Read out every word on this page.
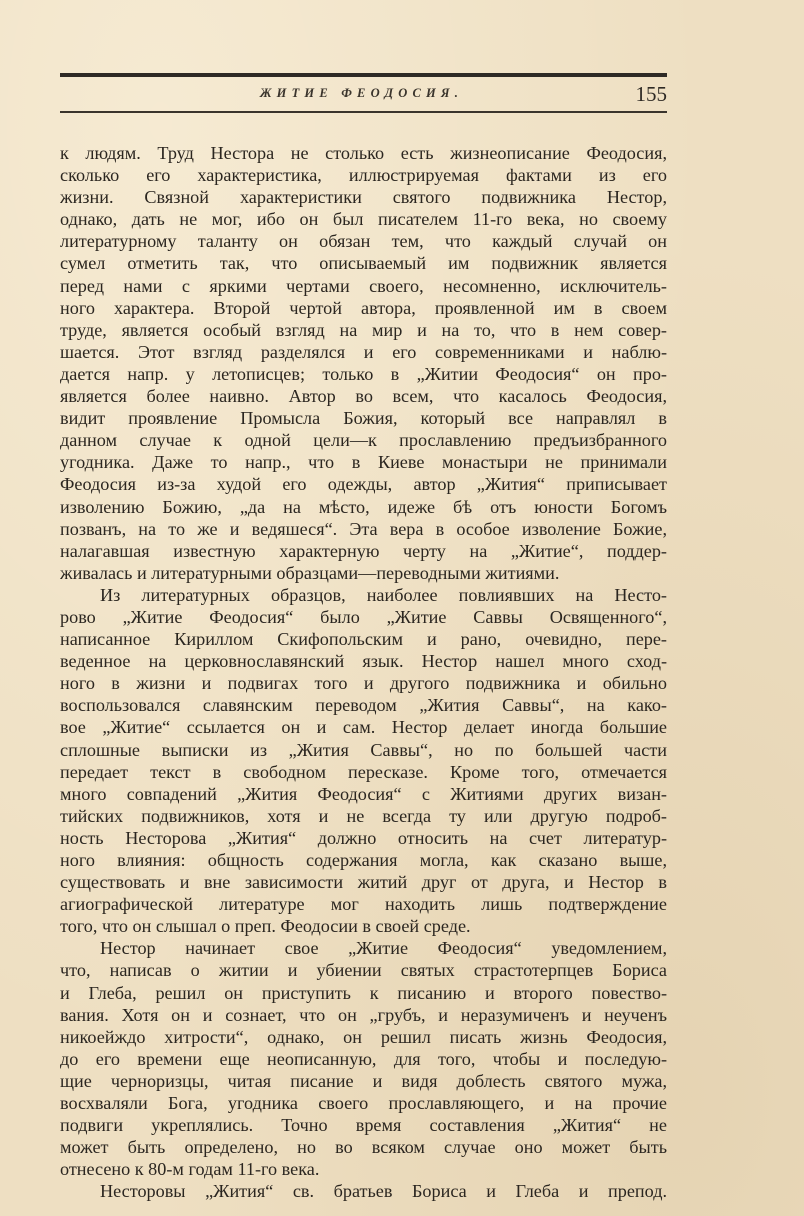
ЖИТИЕ ФЕОДОСИЯ.	155
к людям. Труд Нестора не столько есть жизнеописание Феодосия,
сколько его характеристика, иллюстрируемая фактами из его
жизни. Связной характеристики святого подвижника Нестор,
однако, дать не мог, ибо он был писателем 11-го века, но своему
литературному таланту он обязан тем, что каждый случай он
сумел отметить так, что описываемый им подвижник является
перед нами с яркими чертами своего, несомненно, исключитель-
ного характера. Второй чертой автора, проявленной им в своем
труде, является особый взгляд на мир и на то, что в нем совер-
шается. Этот взгляд разделялся и его современниками и наблю-
дается напр. у летописцев; только в „Житии Феодосия“ он про-
является более наивно. Автор во всем, что касалось Феодосия,
видит проявление Промысла Божия, который все направлял в
данном случае к одной цели—к прославлению предъизбранного
угодника. Даже то напр., что в Киеве монастыри не принимали
Феодосия из-за худой его одежды, автор „Жития“ приписывает
изволению Божию, „да на мѣсто, идеже бѣ отъ юности Богомъ
позванъ, на то же и ведяшеся“. Эта вера в особое изволение Божие,
налагавшая известную характерную черту на „Житие“, поддер-
живалась и литературными образцами—переводными житиями.
Из литературных образцов, наиболее повлиявших на Несто-
рово „Житие Феодосия“ было „Житие Саввы Освященного“,
написанное Кириллом Скифопольским и рано, очевидно, пере-
веденное на церковнославянский язык. Нестор нашел много сход-
ного в жизни и подвигах того и другого подвижника и обильно
воспользовался славянским переводом „Жития Саввы“, на како-
вое „Житие“ ссылается он и сам. Нестор делает иногда большие
сплошные выписки из „Жития Саввы“, но по большей части
передает текст в свободном пересказе. Кроме того, отмечается
много совпадений „Жития Феодосия“ с Житиями других визан-
тийских подвижников, хотя и не всегда ту или другую подроб-
ность Несторова „Жития“ должно относить на счет литератур-
ного влияния: общность содержания могла, как сказано выше,
существовать и вне зависимости житий друг от друга, и Нестор в
агиографической литературе мог находить лишь подтверждение
того, что он слышал о преп. Феодосии в своей среде.
Нестор начинает свое „Житие Феодосия“ уведомлением,
что, написав о житии и убиении святых страстотерпцев Бориса
и Глеба, решил он приступить к писанию и второго повество-
вания. Хотя он и сознает, что он „грубъ, и неразумиченъ и неученъ
никоейждо хитрости“, однако, он решил писать жизнь Феодосия,
до его времени еще неописанную, для того, чтобы и последую-
щие черноризцы, читая писание и видя доблесть святого мужа,
восхваляли Бога, угодника своего прославляющего, и на прочие
подвиги укреплялись. Точно время составления „Жития“ не
может быть определено, но во всяком случае оно может быть
отнесено к 80-м годам 11-го века.
Несторовы „Жития“ св. братьев Бориса и Глеба и препод.
